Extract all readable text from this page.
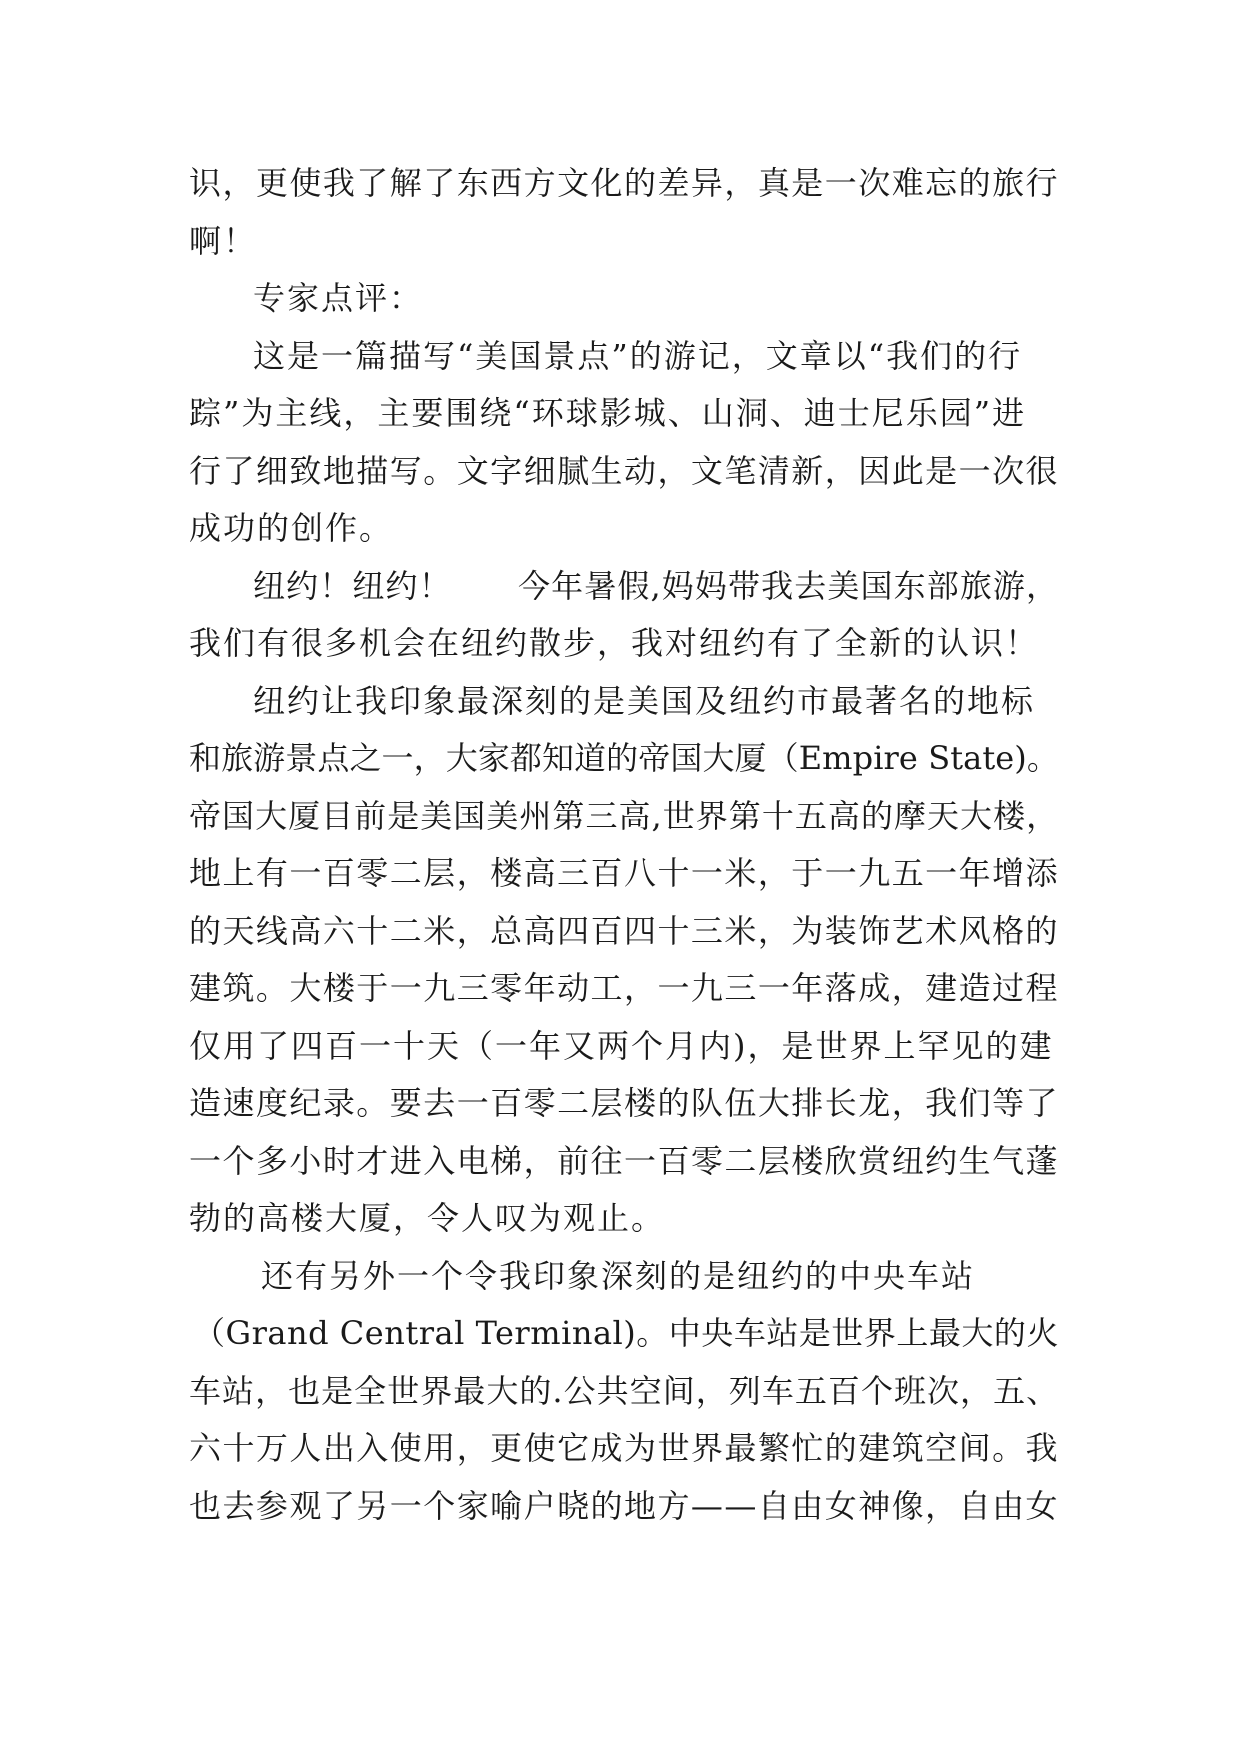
识，更使我了解了东西方文化的差异，真是一次难忘的旅行
啊！
专家点评：
这是一篇描写“美国景点”的游记，文章以“我们的行
踪”为主线，主要围绕“环球影城、山洞、迪士尼乐园”进
行了细致地描写。文字细腻生动，文笔清新，因此是一次很
成功的创作。
纽约！纽约！　　今年暑假,妈妈带我去美国东部旅游，
我们有很多机会在纽约散步，我对纽约有了全新的认识！
纽约让我印象最深刻的是美国及纽约市最著名的地标
和旅游景点之一，大家都知道的帝国大厦（Empire State)。
帝国大厦目前是美国美州第三高,世界第十五高的摩天大楼，
地上有一百零二层，楼高三百八十一米，于一九五一年增添
的天线高六十二米，总高四百四十三米，为装饰艺术风格的
建筑。大楼于一九三零年动工，一九三一年落成，建造过程
仅用了四百一十天（一年又两个月内)，是世界上罕见的建
造速度纪录。要去一百零二层楼的队伍大排长龙，我们等了
一个多小时才进入电梯，前往一百零二层楼欣赏纽约生气蓬
勃的高楼大厦，令人叹为观止。
还有另外一个令我印象深刻的是纽约的中央车站
（Grand Central Terminal)。中央车站是世界上最大的火
车站，也是全世界最大的.公共空间，列车五百个班次，五、
六十万人出入使用，更使它成为世界最繁忙的建筑空间。我
也去参观了另一个家喻户晓的地方——自由女神像，自由女
